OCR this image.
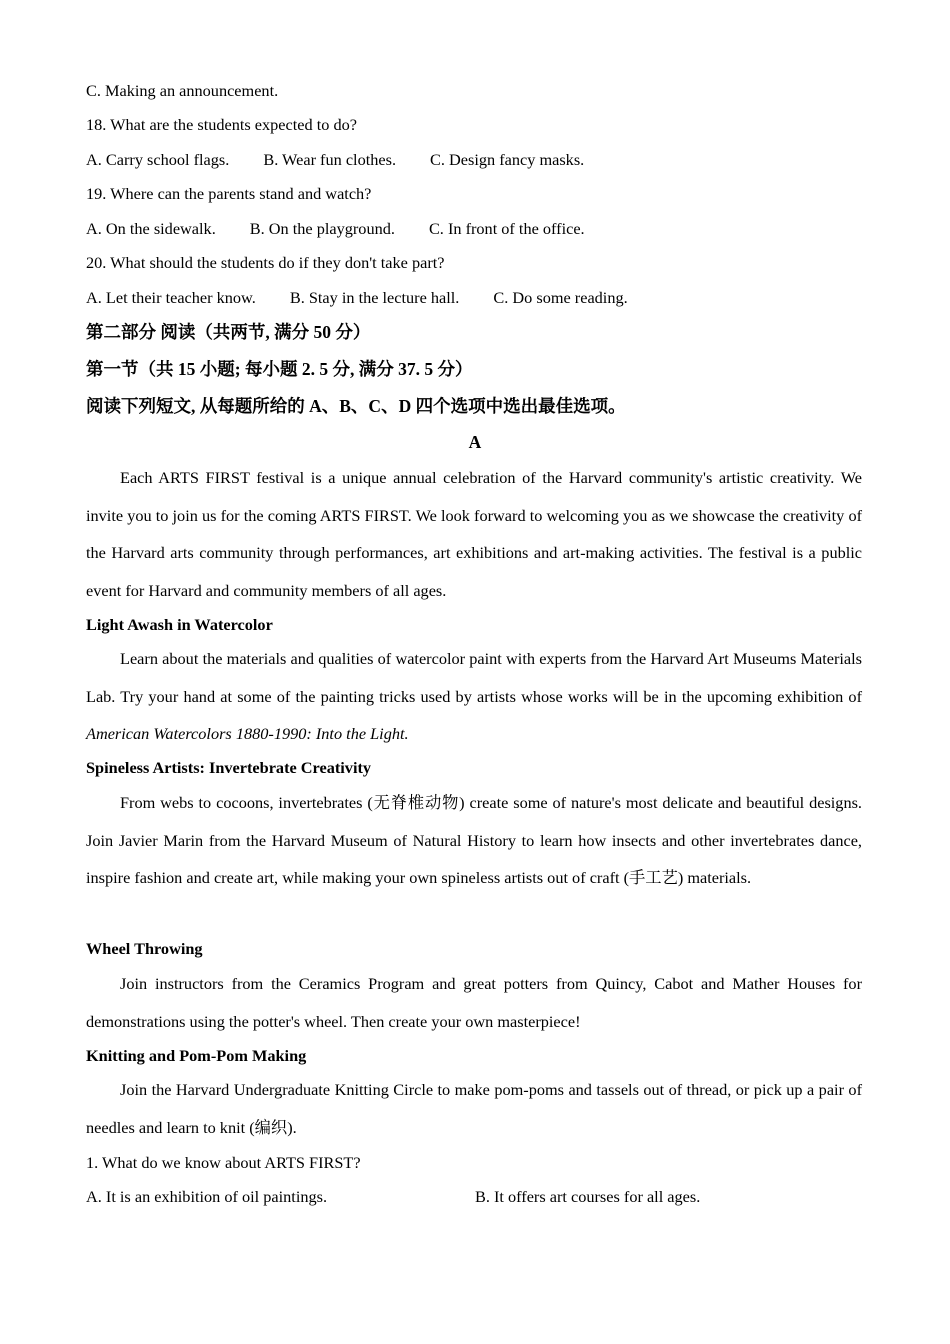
C. Making an announcement.
18. What are the students expected to do?
A. Carry school flags. B. Wear fun clothes. C. Design fancy masks.
19. Where can the parents stand and watch?
A. On the sidewalk. B. On the playground. C. In front of the office.
20. What should the students do if they don't take part?
A. Let their teacher know. B. Stay in the lecture hall. C. Do some reading.
第二部分 阅读（共两节, 满分 50 分）
第一节（共 15 小题; 每小题 2. 5 分, 满分 37. 5 分）
阅读下列短文, 从每题所给的 A、B、C、D 四个选项中选出最佳选项。
A
Each ARTS FIRST festival is a unique annual celebration of the Harvard community's artistic creativity. We invite you to join us for the coming ARTS FIRST. We look forward to welcoming you as we showcase the creativity of the Harvard arts community through performances, art exhibitions and art-making activities. The festival is a public event for Harvard and community members of all ages.
Light Awash in Watercolor
Learn about the materials and qualities of watercolor paint with experts from the Harvard Art Museums Materials Lab. Try your hand at some of the painting tricks used by artists whose works will be in the upcoming exhibition of American Watercolors 1880-1990: Into the Light.
Spineless Artists: Invertebrate Creativity
From webs to cocoons, invertebrates (无脊椎动物) create some of nature's most delicate and beautiful designs. Join Javier Marin from the Harvard Museum of Natural History to learn how insects and other invertebrates dance, inspire fashion and create art, while making your own spineless artists out of craft (手工艺) materials.
Wheel Throwing
Join instructors from the Ceramics Program and great potters from Quincy, Cabot and Mather Houses for demonstrations using the potter's wheel. Then create your own masterpiece!
Knitting and Pom-Pom Making
Join the Harvard Undergraduate Knitting Circle to make pom-poms and tassels out of thread, or pick up a pair of needles and learn to knit (编织).
1. What do we know about ARTS FIRST?
A. It is an exhibition of oil paintings.	B. It offers art courses for all ages.
